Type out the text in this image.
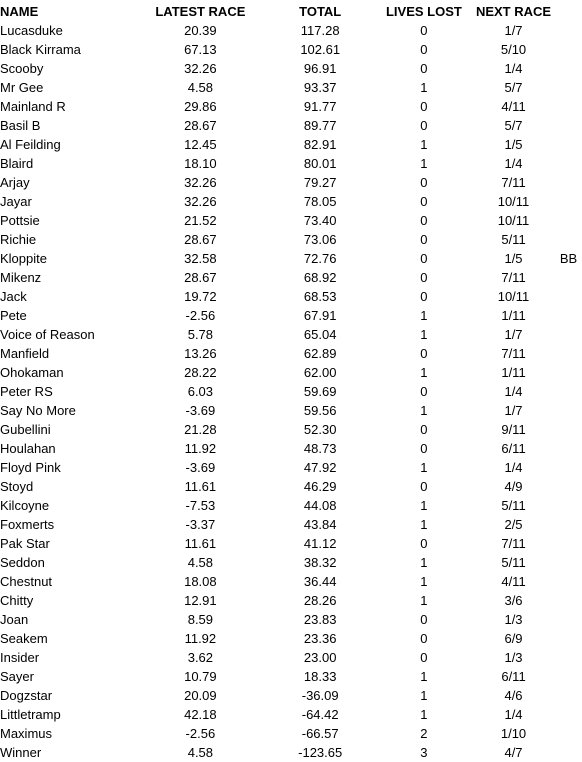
NAME	LATEST RACE	TOTAL	LIVES LOST	NEXT RACE	
Lucasduke	20.39	117.28	0	1/7	
Black Kirrama	67.13	102.61	0	5/10	
Scooby	32.26	96.91	0	1/4	
Mr Gee	4.58	93.37	1	5/7	
Mainland R	29.86	91.77	0	4/11	
Basil B	28.67	89.77	0	5/7	
Al Feilding	12.45	82.91	1	1/5	
Blaird	18.10	80.01	1	1/4	
Arjay	32.26	79.27	0	7/11	
Jayar	32.26	78.05	0	10/11	
Pottsie	21.52	73.40	0	10/11	
Richie	28.67	73.06	0	5/11	
Kloppite	32.58	72.76	0	1/5	BB
Mikenz	28.67	68.92	0	7/11	
Jack	19.72	68.53	0	10/11	
Pete	-2.56	67.91	1	1/11	
Voice of Reason	5.78	65.04	1	1/7	
Manfield	13.26	62.89	0	7/11	
Ohokaman	28.22	62.00	1	1/11	
Peter RS	6.03	59.69	0	1/4	
Say No More	-3.69	59.56	1	1/7	
Gubellini	21.28	52.30	0	9/11	
Houlahan	11.92	48.73	0	6/11	
Floyd Pink	-3.69	47.92	1	1/4	
Stoyd	11.61	46.29	0	4/9	
Kilcoyne	-7.53	44.08	1	5/11	
Foxmerts	-3.37	43.84	1	2/5	
Pak Star	11.61	41.12	0	7/11	
Seddon	4.58	38.32	1	5/11	
Chestnut	18.08	36.44	1	4/11	
Chitty	12.91	28.26	1	3/6	
Joan	8.59	23.83	0	1/3	
Seakem	11.92	23.36	0	6/9	
Insider	3.62	23.00	0	1/3	
Sayer	10.79	18.33	1	6/11	
Dogzstar	20.09	-36.09	1	4/6	
Littletramp	42.18	-64.42	1	1/4	
Maximus	-2.56	-66.57	2	1/10	
Winner	4.58	-123.65	3	4/7	
